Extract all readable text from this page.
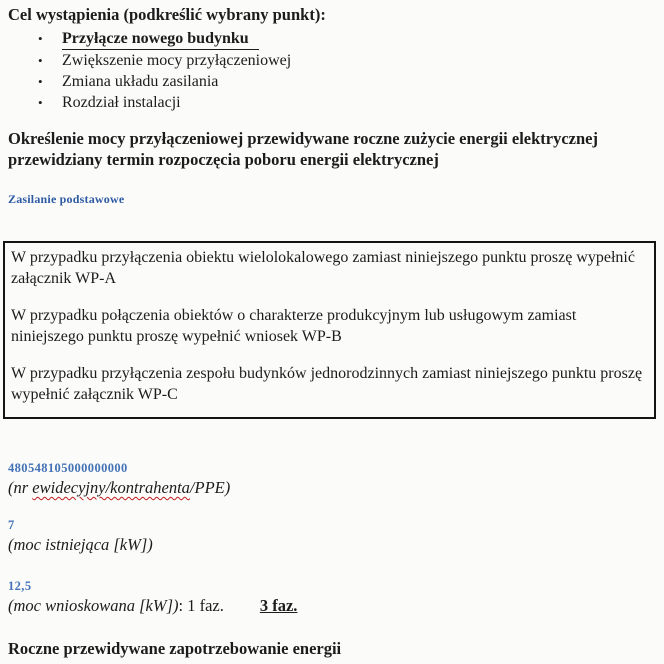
Cel wystąpienia (podkreślić wybrany punkt):
•	Przyłącze nowego budynku
•	Zwiększenie mocy przyłączeniowej
•	Zmiana układu zasilania
•	Rozdział instalacji

Określenie mocy przyłączeniowej przewidywane roczne zużycie energii elektrycznej przewidziany termin rozpoczęcia poboru energii elektrycznej

Zasilanie podstawowe

W przypadku przyłączenia obiektu wielolokalowego zamiast niniejszego punktu proszę wypełnić załącznik WP-A

W przypadku połączenia obiektów o charakterze produkcyjnym lub usługowym zamiast niniejszego punktu proszę wypełnić wniosek WP-B

W przypadku przyłączenia zespołu budynków jednorodzinnych zamiast niniejszego punktu proszę wypełnić załącznik WP-C

480548105000000000

(nr ewidecyjny/kontrahenta/PPE)

7

(moc istniejąca [kW])

12,5

(moc wnioskowana [kW]): 1 faz. 3 faz.

Roczne przewidywane zapotrzebowanie energii
